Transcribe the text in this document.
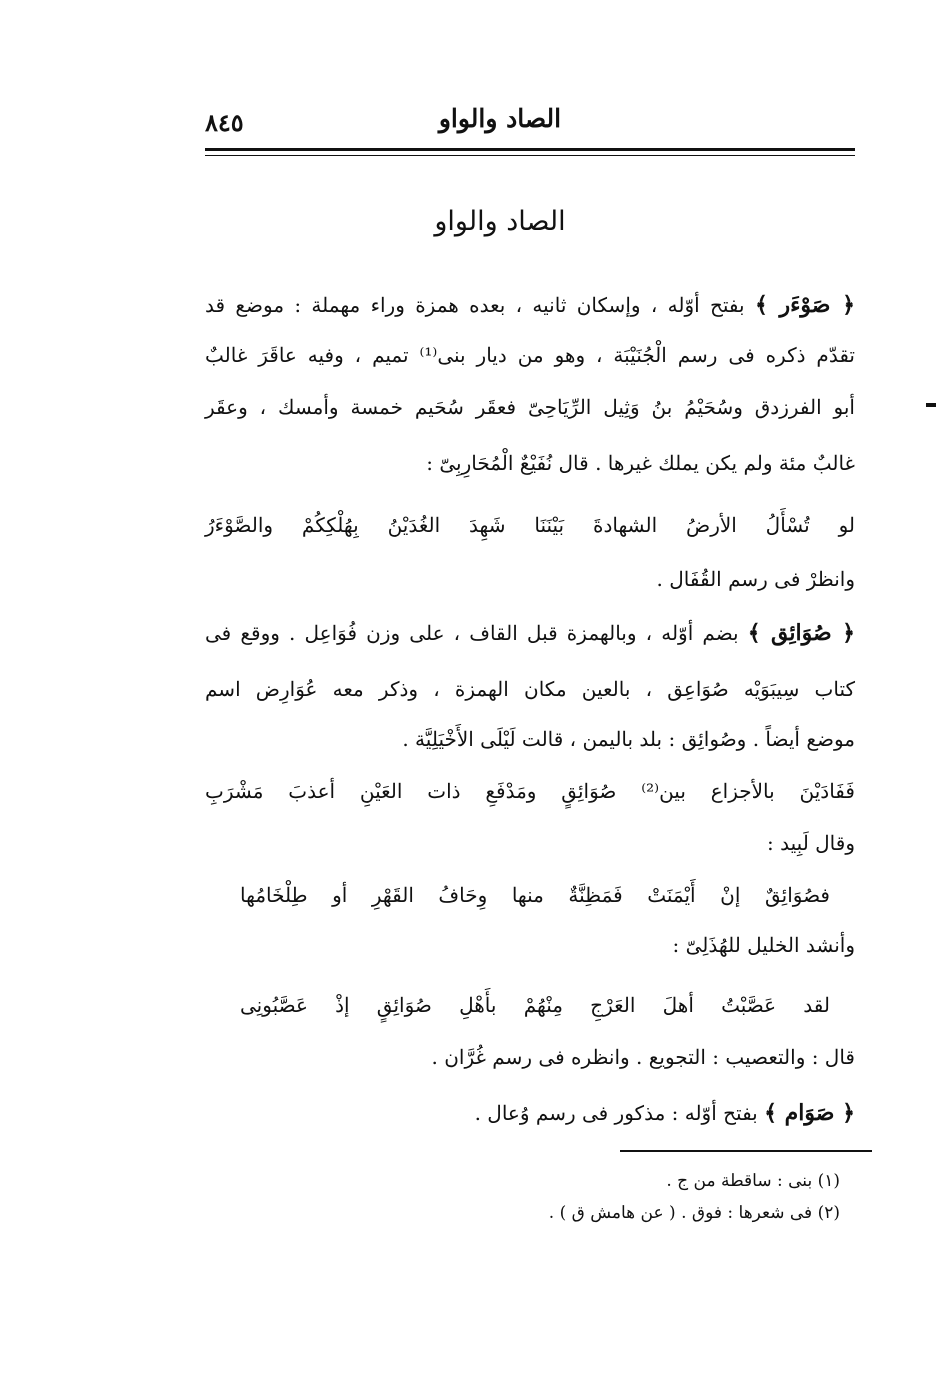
الصاد والواو
٨٤٥
الصاد والواو
﴿ صَوْءَر ﴾ بفتح أوّله ، وإسكان ثانيه ، بعده همزة وراء مهملة : موضع قد
تقدّم ذكره فى رسم الْجُنَيْبَة ، وهو من ديار بنى⁽¹⁾ تميم ، وفيه عاقَرَ غالبٌ
أبو الفرزدق وسُحَيْمُ بنُ وَثِيل الرِّيَاحِىّ فعقَر سُحَيم خمسة وأمسك ، وعقَر
غالبٌ مئة ولم يكن يملك غيرها . قال نُفَيْعٌ الْمُحَارِبِىّ :
لو تُسْأَلُ الأرضُ الشهادةَ بَيْنَنَا شَهِدَ الغُدَيْنُ بِهُلْكِكُمْ والصَّوْءَرُ
وانظرْ فى رسم القُفَال .
﴿ صُوَائِق ﴾ بضم أوّله ، وبالهمزة قبل القاف ، على وزن فُوَاعِل . ووقع فى
كتاب سِيبَوَيْه صُوَاعِق ، بالعين مكان الهمزة ، وذكر معه عُوَارِض اسم
موضع أيضاً . وصُوائِق : بلد باليمن ، قالت لَيْلَى الأَخْيَلِيَّة .
فَفَادَيْنَ بالأجزاع بين⁽²⁾ صُوَائِقٍ ومَدْفَعِ ذات العَيْنِ أعذبَ مَشْرَبِ
وقال لَبِيد :
فصُوَائِقٌ إنْ أَيْمَنَتْ فَمَظِنَّةٌ منها وِحَافُ القَهْرِ أو طِلْخَامُها
وأنشد الخليل للهُذَلِىّ :
لقد عَصَّبْتُ أهلَ العَرْجِ مِنْهُمْ بأَهْلِ صُوَائِقٍ إذْ عَصَّبُونِى
قال : والتعصيب : التجويع . وانظره فى رسم غُرَّان .
﴿ صَوَام ﴾ بفتح أوّله : مذكور فى رسم وُعال .
(١) بنى : ساقطة من ج .
(٢) فى شعرها : فوق . ( عن هامش ق ) .
